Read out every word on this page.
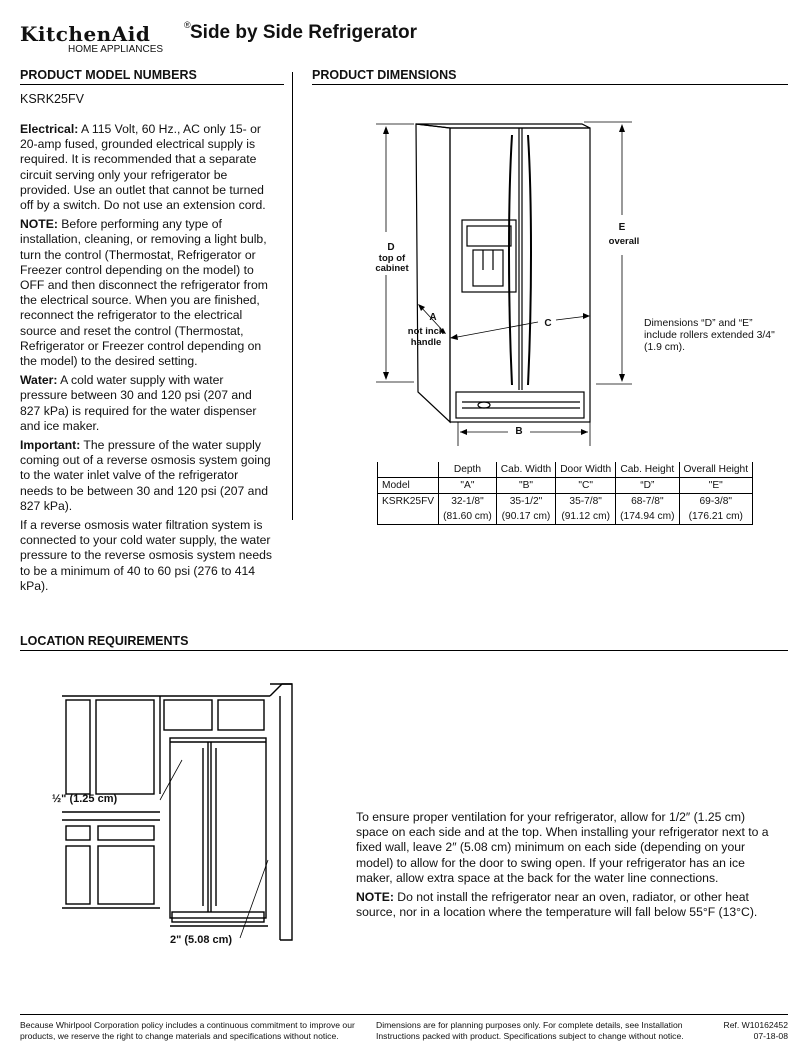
KitchenAid	®
HOME APPLIANCES
Side by Side Refrigerator
PRODUCT MODEL NUMBERS
KSRK25FV

Electrical: A 115 Volt, 60 Hz., AC only 15- or 20-amp fused, grounded electrical supply is required. It is recommended that a separate circuit serving only your refrigerator be provided. Use an outlet that cannot be turned off by a switch. Do not use an extension cord.

NOTE: Before performing any type of installation, cleaning, or removing a light bulb, turn the control (Thermostat, Refrigerator or Freezer control depending on the model) to OFF and then disconnect the refrigerator from the electrical source. When you are finished, reconnect the refrigerator to the electrical source and reset the control (Thermostat, Refrigerator or Freezer control depending on the model) to the desired setting.

Water: A cold water supply with water pressure between 30 and 120 psi (207 and 827 kPa) is required for the water dispenser and ice maker.

Important: The pressure of the water supply coming out of a reverse osmosis system going to the water inlet valve of the refrigerator needs to be between 30 and 120 psi (207 and 827 kPa).

If a reverse osmosis water filtration system is connected to your cold water supply, the water pressure to the reverse osmosis system needs to be a minimum of 40 to 60 psi (276 to 414 kPa).

PRODUCT DIMENSIONS
D
top of
cabinet
E
overall
A
not incl.
handle
C
B
Dimensions “D” and “E”
include rollers extended 3/4"
(1.9 cm).
	Depth	Cab. Width	Door Width	Cab. Height	Overall Height
Model	"A"	"B"	"C"	“D”	"E"
KSRK25FV	32-1/8"	35-1/2"	35-7/8"	68-7/8"	69-3/8"
	(81.60 cm)	(90.17 cm)	(91.12 cm)	(174.94 cm)	(176.21 cm)
LOCATION REQUIREMENTS
½" (1.25 cm)
2" (5.08 cm)

To ensure proper ventilation for your refrigerator, allow for 1/2″ (1.25 cm) space on each side and at the top. When installing your refrigerator next to a fixed wall, leave 2″ (5.08 cm) minimum on each side (depending on your model) to allow for the door to swing open. If your refrigerator has an ice maker, allow extra space at the back for the water line connections.

NOTE: Do not install the refrigerator near an oven, radiator, or other heat source, nor in a location where the temperature will fall below 55°F (13°C).

Because Whirlpool Corporation policy includes a continuous commitment to improve our products, we reserve the right to change materials and specifications without notice.
Dimensions are for planning purposes only. For complete details, see Installation Instructions packed with product. Specifications subject to change without notice.
Ref. W10162452
07-18-08
